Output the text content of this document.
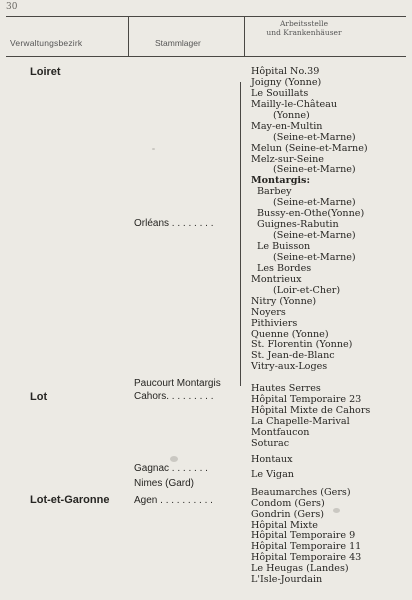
30
Verwaltungsbezirk	Stammlager
Arbeitsstelle
und Krankenhäuser
Loiret
Orléans . . . . . . . .
Paucourt Montargis
Lot	Cahors. . . . . . . . .
Gagnac . . . . . . .
Nimes (Gard)
Lot-et-Garonne Agen . . . . . . . . . .
Hôpital No.39
Joigny (Yonne)
Le Souillats
Mailly-le-Château
(Yonne)
May-en-Multin
(Seine-et-Marne)
Melun (Seine-et-Marne)
Melz-sur-Seine
(Seine-et-Marne)
Montargis:
Barbey
(Seine-et-Marne)
Bussy-en-Othe(Yonne)
Guignes-Rabutin
(Seine-et-Marne)
Le Buisson
(Seine-et-Marne)
Les Bordes
Montrieux
(Loir-et-Cher)
Nitry (Yonne)
Noyers
Pithiviers
Quenne (Yonne)
St. Florentin (Yonne)
St. Jean-de-Blanc
Vitry-aux-Loges
Hautes Serres
Hôpital Temporaire 23
Hôpital Mixte de Cahors
La Chapelle-Marival
Montfaucon
Soturac
Hontaux
Le Vigan
Beaumarches (Gers)
Condom (Gers)
Gondrin (Gers)
Hôpital Mixte
Hôpital Temporaire 9
Hôpital Temporaire 11
Hôpital Temporaire 43
Le Heugas (Landes)
L'Isle-Jourdain
